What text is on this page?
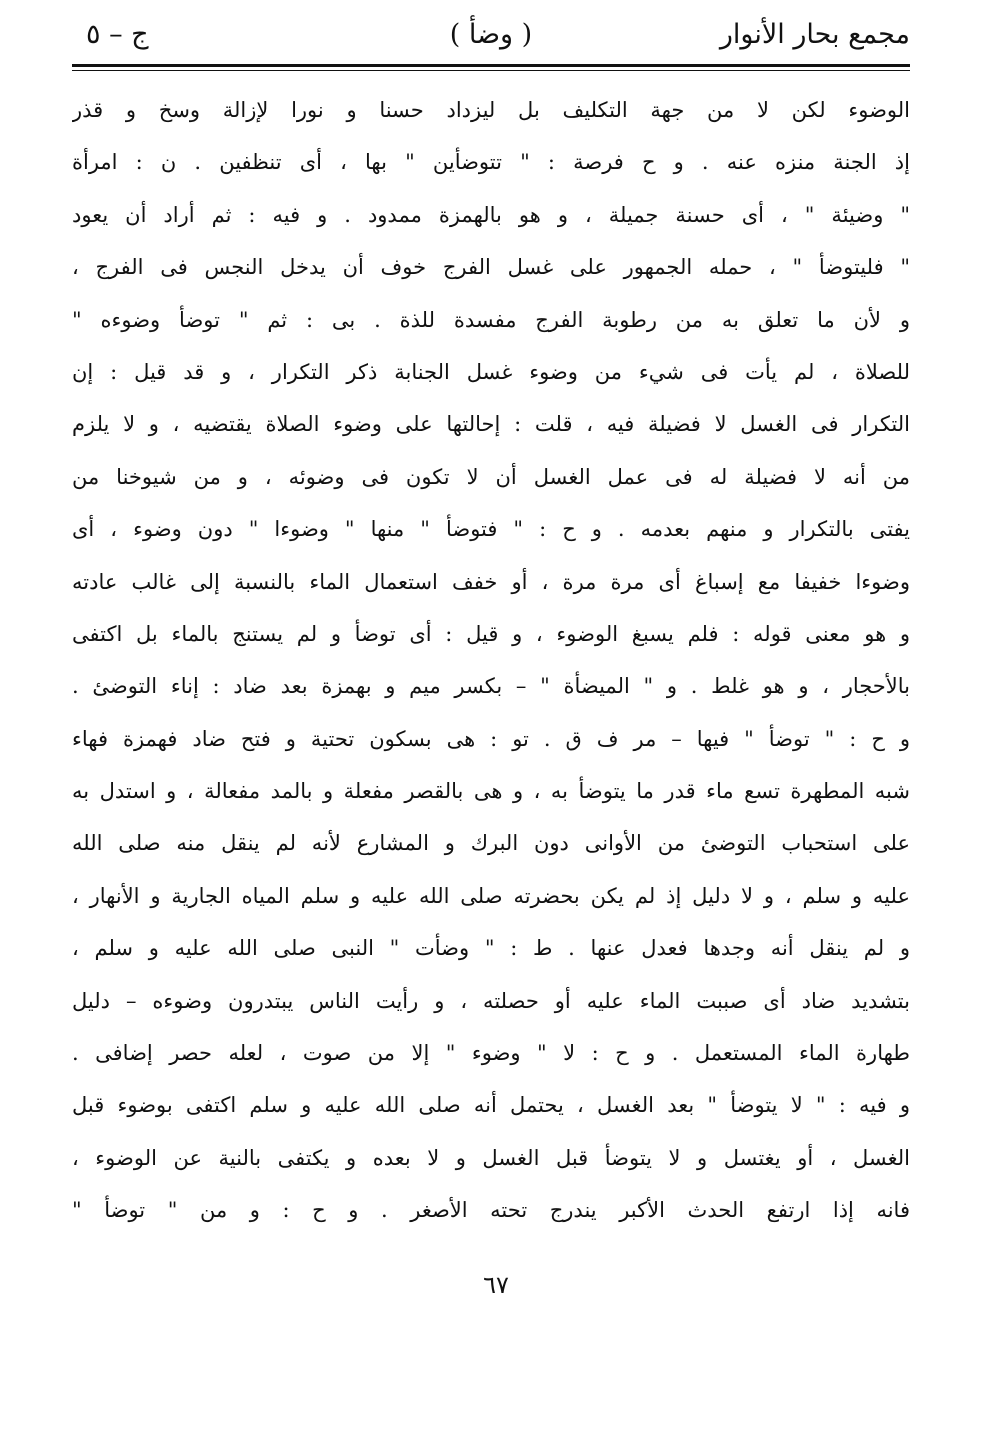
مجمع بحار الأنوار
( وضأ )
ج – ٥
الوضوء لكن لا من جهة التكليف بل ليزداد حسنا و نورا لإزالة وسخ و قذر
إذ الجنة منزه عنه . و ح فرصة : " تتوضأين " بها ، أى تنظفين . ن : امرأة
" وضيئة " ، أى حسنة جميلة ، و هو بالهمزة ممدود . و فيه : ثم أراد أن يعود
" فليتوضأ " ، حمله الجمهور على غسل الفرج خوف أن يدخل النجس فى الفرج ،
و لأن ما تعلق به من رطوبة الفرج مفسدة للذة . بى : ثم " توضأ وضوءه "
للصلاة ، لم يأت فى شيء من وضوء غسل الجنابة ذكر التكرار ، و قد قيل : إن
التكرار فى الغسل لا فضيلة فيه ، قلت : إحالتها على وضوء الصلاة يقتضيه ، و لا يلزم
من أنه لا فضيلة له فى عمل الغسل أن لا تكون فى وضوئه ، و من شيوخنا من
يفتى بالتكرار و منهم بعدمه . و ح : " فتوضأ " منها " وضوءا " دون وضوء ، أى
وضوءا خفيفا مع إسباغ أى مرة مرة ، أو خفف استعمال الماء بالنسبة إلى غالب عادته
و هو معنى قوله : فلم يسبغ الوضوء ، و قيل : أى توضأ و لم يستنج بالماء بل اكتفى
بالأحجار ، و هو غلط . و " الميضأة " – بكسر ميم و بهمزة بعد ضاد : إناء التوضئ .
و ح : " توضأ " فيها – مر ف ق . تو : هى بسكون تحتية و فتح ضاد فهمزة فهاء
شبه المطهرة تسع ماء قدر ما يتوضأ به ، و هى بالقصر مفعلة و بالمد مفعالة ، و استدل به
على استحباب التوضئ من الأوانى دون البرك و المشارع لأنه لم ينقل منه صلى الله
عليه و سلم ، و لا دليل إذ لم يكن بحضرته صلى الله عليه و سلم المياه الجارية و الأنهار ،
و لم ينقل أنه وجدها فعدل عنها . ط : " وضأت " النبى صلى الله عليه و سلم ،
بتشديد ضاد أى صببت الماء عليه أو حصلته ، و رأيت الناس يبتدرون وضوءه – دليل
طهارة الماء المستعمل . و ح : لا " وضوء " إلا من صوت ، لعله حصر إضافى .
و فيه : " لا يتوضأ " بعد الغسل ، يحتمل أنه صلى الله عليه و سلم اكتفى بوضوء قبل
الغسل ، أو يغتسل و لا يتوضأ قبل الغسل و لا بعده و يكتفى بالنية عن الوضوء ،
فانه إذا ارتفع الحدث الأكبر يندرج تحته الأصغر . و ح : و من " توضأ "
٦٧
